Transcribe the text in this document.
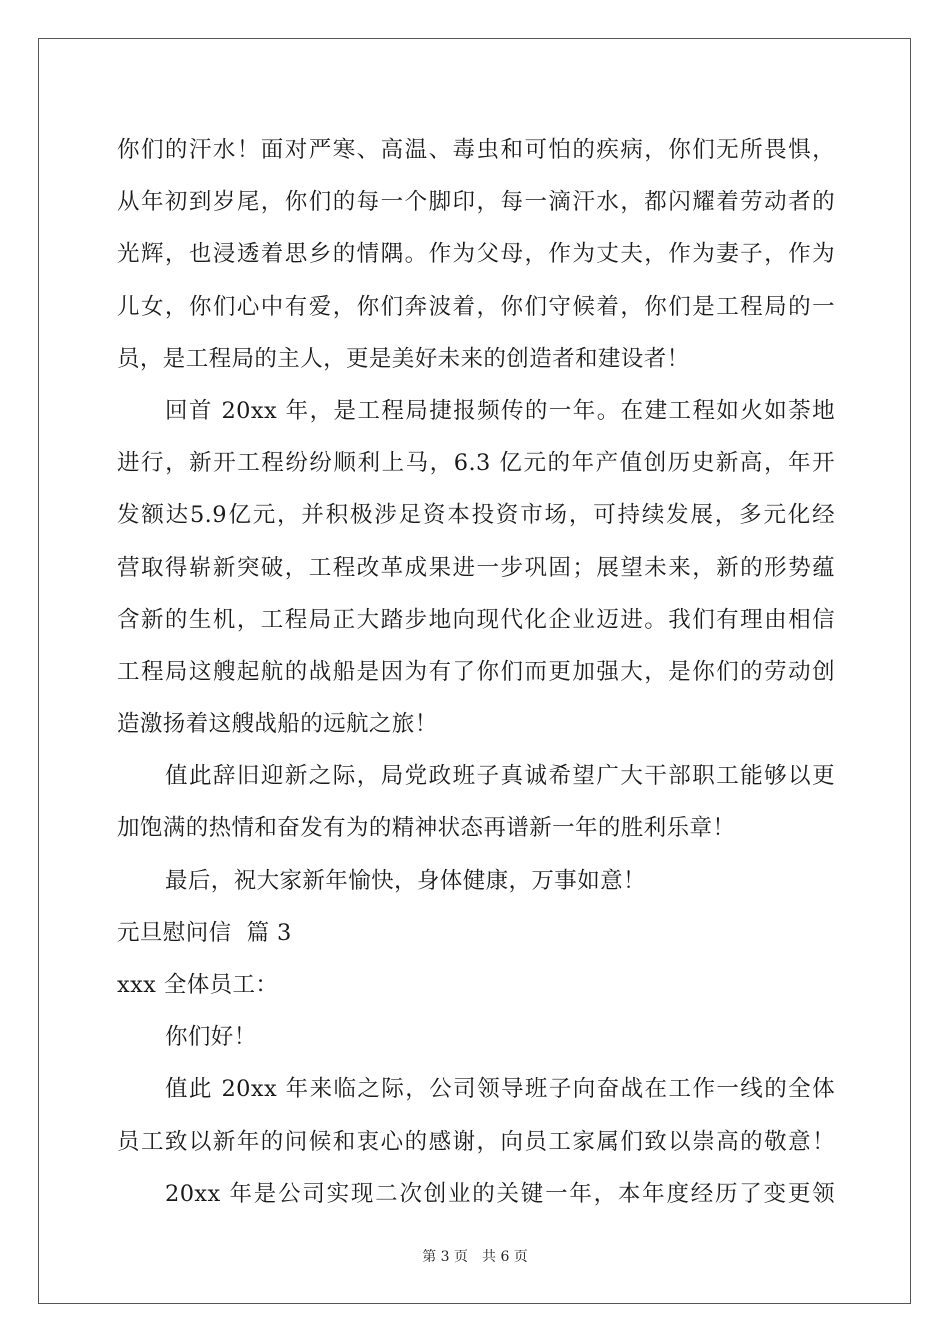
你们的汗水！面对严寒、高温、毒虫和可怕的疾病，你们无所畏惧，
从年初到岁尾，你们的每一个脚印，每一滴汗水，都闪耀着劳动者的
光辉，也浸透着思乡的情隅。作为父母，作为丈夫，作为妻子，作为
儿女，你们心中有爱，你们奔波着，你们守候着，你们是工程局的一
员，是工程局的主人，更是美好未来的创造者和建设者！
回首 20xx 年，是工程局捷报频传的一年。在建工程如火如荼地
进行，新开工程纷纷顺利上马，6.3 亿元的年产值创历史新高，年开
发额达5.9亿元，并积极涉足资本投资市场，可持续发展，多元化经
营取得崭新突破，工程改革成果进一步巩固；展望未来，新的形势蕴
含新的生机，工程局正大踏步地向现代化企业迈进。我们有理由相信
工程局这艘起航的战船是因为有了你们而更加强大，是你们的劳动创
造激扬着这艘战船的远航之旅！
值此辞旧迎新之际，局党政班子真诚希望广大干部职工能够以更
加饱满的热情和奋发有为的精神状态再谱新一年的胜利乐章！
最后，祝大家新年愉快，身体健康，万事如意！
元旦慰问信  篇 3
xxx 全体员工：
你们好！
值此 20xx 年来临之际，公司领导班子向奋战在工作一线的全体
员工致以新年的问候和衷心的感谢，向员工家属们致以崇高的敬意！
20xx 年是公司实现二次创业的关键一年，本年度经历了变更领
第 3 页 共 6 页
